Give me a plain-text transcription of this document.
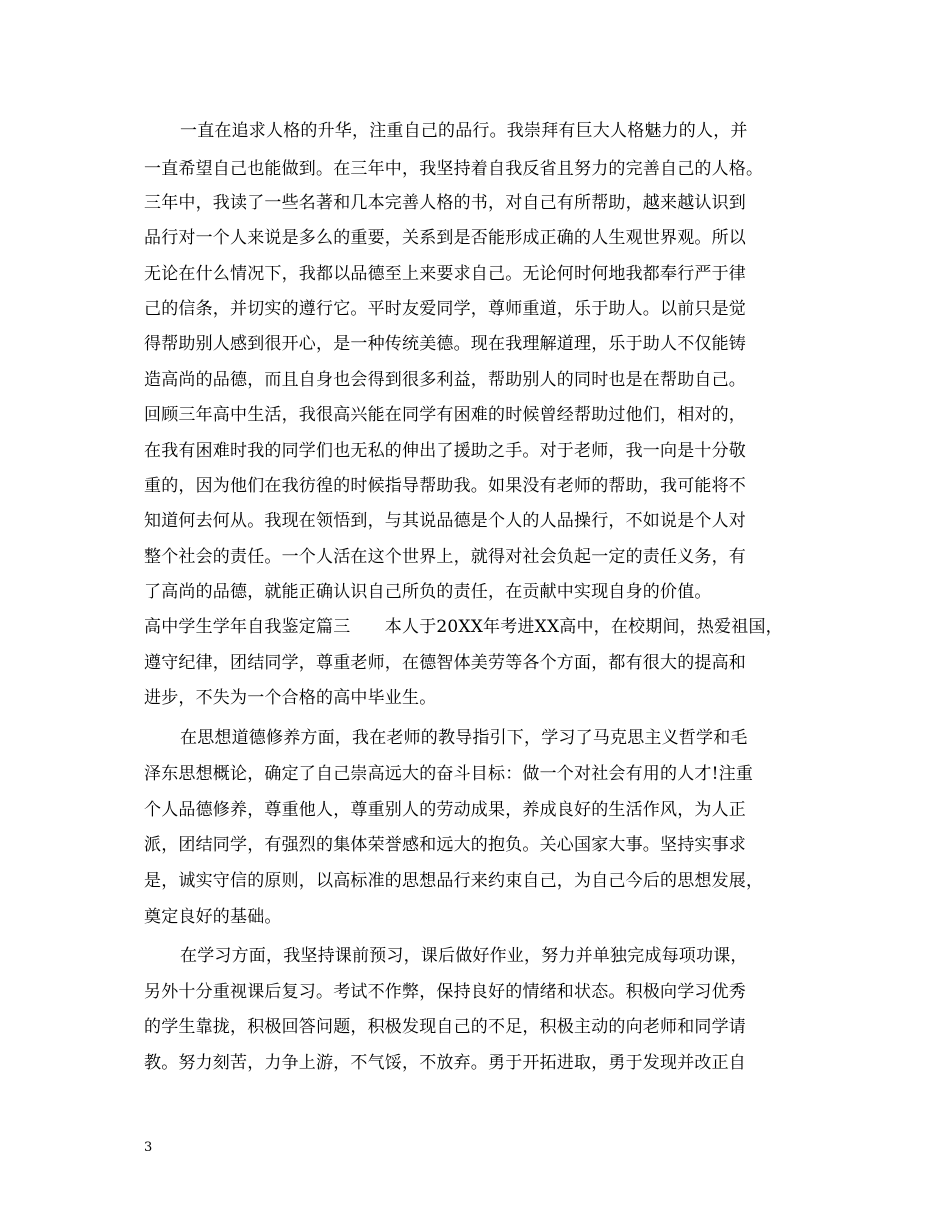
一直在追求人格的升华，注重自己的品行。我崇拜有巨大人格魅力的人，并
一直希望自己也能做到。在三年中，我坚持着自我反省且努力的完善自己的人格。
三年中，我读了一些名著和几本完善人格的书，对自己有所帮助，越来越认识到
品行对一个人来说是多么的重要，关系到是否能形成正确的人生观世界观。所以
无论在什么情况下，我都以品德至上来要求自己。无论何时何地我都奉行严于律
己的信条，并切实的遵行它。平时友爱同学，尊师重道，乐于助人。以前只是觉
得帮助别人感到很开心，是一种传统美德。现在我理解道理，乐于助人不仅能铸
造高尚的品德，而且自身也会得到很多利益，帮助别人的同时也是在帮助自己。
回顾三年高中生活，我很高兴能在同学有困难的时候曾经帮助过他们，相对的，
在我有困难时我的同学们也无私的伸出了援助之手。对于老师，我一向是十分敬
重的，因为他们在我彷徨的时候指导帮助我。如果没有老师的帮助，我可能将不
知道何去何从。我现在领悟到，与其说品德是个人的人品操行，不如说是个人对
整个社会的责任。一个人活在这个世界上，就得对社会负起一定的责任义务，有
了高尚的品德，就能正确认识自己所负的责任，在贡献中实现自身的价值。
高中学生学年自我鉴定篇三　　本人于20XX年考进XX高中，在校期间，热爱祖国，
遵守纪律，团结同学，尊重老师，在德智体美劳等各个方面，都有很大的提高和
进步，不失为一个合格的高中毕业生。
在思想道德修养方面，我在老师的教导指引下，学习了马克思主义哲学和毛
泽东思想概论，确定了自己崇高远大的奋斗目标：做一个对社会有用的人才!注重
个人品德修养，尊重他人，尊重别人的劳动成果，养成良好的生活作风，为人正
派，团结同学，有强烈的集体荣誉感和远大的抱负。关心国家大事。坚持实事求
是，诚实守信的原则，以高标准的思想品行来约束自己，为自己今后的思想发展，
奠定良好的基础。
在学习方面，我坚持课前预习，课后做好作业，努力并单独完成每项功课，
另外十分重视课后复习。考试不作弊，保持良好的情绪和状态。积极向学习优秀
的学生靠拢，积极回答问题，积极发现自己的不足，积极主动的向老师和同学请
教。努力刻苦，力争上游，不气馁，不放弃。勇于开拓进取，勇于发现并改正自
3
